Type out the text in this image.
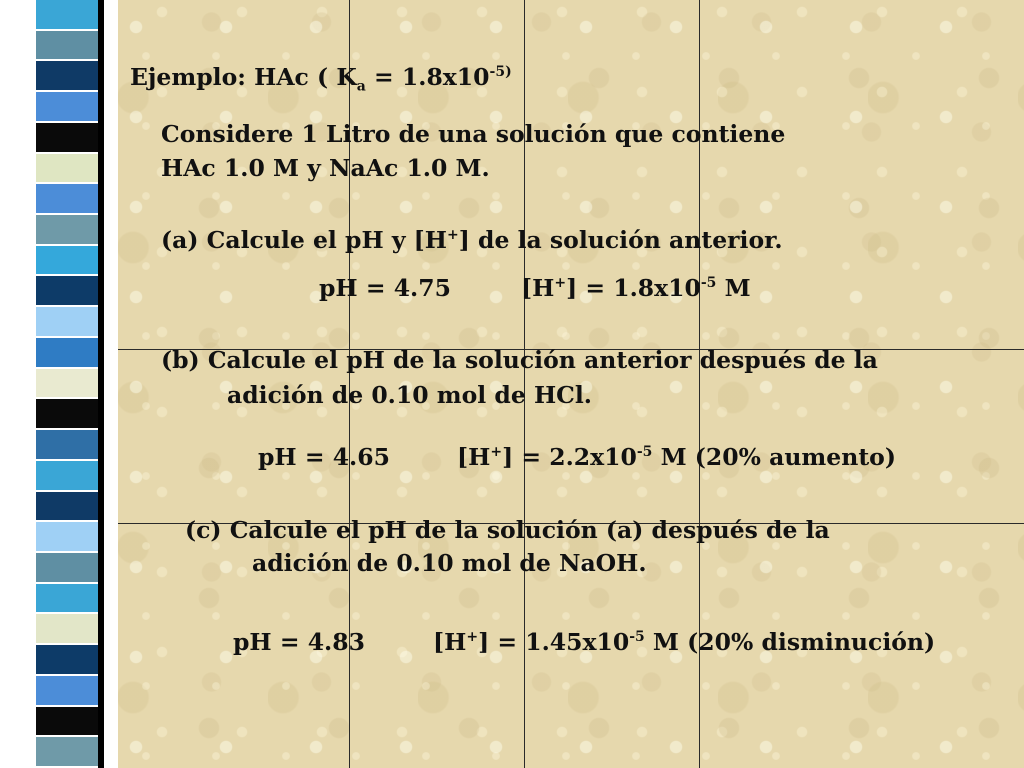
Ejemplo: HAc ( $K_a = 1.8x10^{-5)}$

Considere 1 Litro de una solución que contiene

HAc 1.0 M y NaAc 1.0 M.

(a) Calcule el pH y [H+] de la solución anterior.

pH = 4.75	$[H^+] = 1.8x10^{-5}$ M

(b) Calcule el pH de la solución anterior después de la

adición de 0.10 mol de HCl.

pH = 4.65	$[H^+] = 2.2x10^{-5}$ M (20% aumento)

(c) Calcule el pH de la solución (a) después de la

adición de 0.10 mol de NaOH.

pH = 4.83	$[H^+] = 1.45x10^{-5}$ M (20% disminución)
